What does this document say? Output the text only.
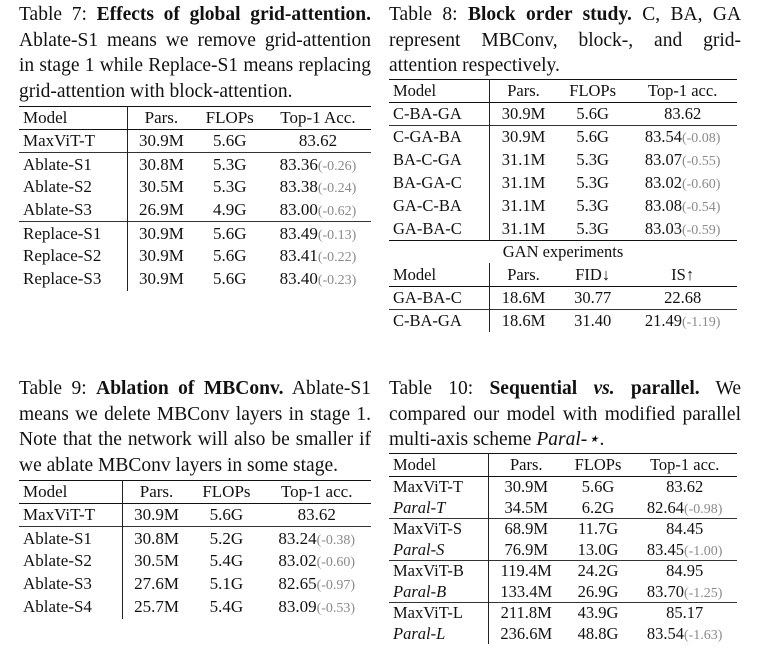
Table 7: Effects of global grid-attention. Ablate-S1 means we remove grid-attention in stage 1 while Replace-S1 means replacing grid-attention with block-attention.

Model	Pars.	FLOPs	Top-1 Acc.
MaxViT-T	30.9M	5.6G	83.62
Ablate-S1	30.8M	5.3G	83.36(-0.26)
Ablate-S2	30.5M	5.3G	83.38(-0.24)
Ablate-S3	26.9M	4.9G	83.00(-0.62)
Replace-S1	30.9M	5.6G	83.49(-0.13)
Replace-S2	30.9M	5.6G	83.41(-0.22)
Replace-S3	30.9M	5.6G	83.40(-0.23)

Table 8: Block order study. C, BA, GA represent MBConv, block-, and grid-attention respectively.

Model	Pars.	FLOPs	Top-1 acc.
C-BA-GA	30.9M	5.6G	83.62
C-GA-BA	30.9M	5.6G	83.54(-0.08)
BA-C-GA	31.1M	5.3G	83.07(-0.55)
BA-GA-C	31.1M	5.3G	83.02(-0.60)
GA-C-BA	31.1M	5.3G	83.08(-0.54)
GA-BA-C	31.1M	5.3G	83.03(-0.59)
GAN experiments			
Model	Pars.	FID↓	IS↑
GA-BA-C	18.6M	30.77	22.68
C-BA-GA	18.6M	31.40	21.49(-1.19)

Table 9: Ablation of MBConv. Ablate-S1 means we delete MBConv layers in stage 1. Note that the network will also be smaller if we ablate MBConv layers in some stage.

Model	Pars.	FLOPs	Top-1 acc.
MaxViT-T	30.9M	5.6G	83.62
Ablate-S1	30.8M	5.2G	83.24(-0.38)
Ablate-S2	30.5M	5.4G	83.02(-0.60)
Ablate-S3	27.6M	5.1G	82.65(-0.97)
Ablate-S4	25.7M	5.4G	83.09(-0.53)

Table 10: Sequential vs. parallel. We compared our model with modified parallel multi-axis scheme Paral-⋆.

Model	Pars.	FLOPs	Top-1 acc.
MaxViT-T	30.9M	5.6G	83.62
Paral-T	34.5M	6.2G	82.64(-0.98)
MaxViT-S	68.9M	11.7G	84.45
Paral-S	76.9M	13.0G	83.45(-1.00)
MaxViT-B	119.4M	24.2G	84.95
Paral-B	133.4M	26.9G	83.70(-1.25)
MaxViT-L	211.8M	43.9G	85.17
Paral-L	236.6M	48.8G	83.54(-1.63)
